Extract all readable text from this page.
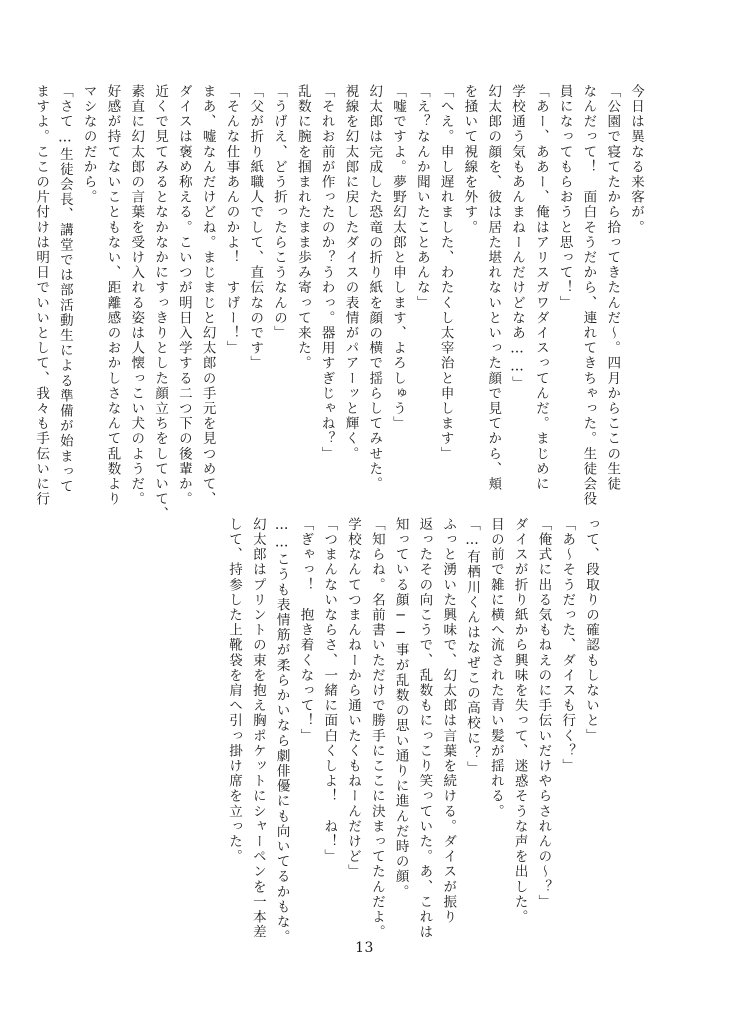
今日は異なる来客が。
「公園で寝てたから拾ってきたんだ〜。四月からここの生徒
なんだって！　面白そうだから、連れてきちゃった。生徒会役
員になってもらおうと思って！」
「あー、ああー、俺はアリスガワダイスってんだ。まじめに
学校通う気もあんまねーんだけどなあ……」
幻太郎の顔を、彼は居た堪れないといった顔で見てから、頬
を掻いて視線を外す。
「へえ。申し遅れました、わたくし太宰治と申します」
「え？なんか聞いたことあんな」
「嘘ですよ。夢野幻太郎と申します、よろしゅう」
幻太郎は完成した恐竜の折り紙を顔の横で揺らしてみせた。
視線を幻太郎に戻したダイスの表情がパアーッと輝く。
「それお前が作ったのか？うわっ。器用すぎじゃね？」
乱数に腕を掴まれたまま歩み寄って来た。
「うげえ、どう折ったらこうなんの」
「父が折り紙職人でして、直伝なのです」
「そんな仕事あんのかよ！　すげー！」
まあ、嘘なんだけどね。まじまじと幻太郎の手元を見つめて、
ダイスは褒め称える。こいつが明日入学する二つ下の後輩か。
近くで見てみるとなかなかにすっきりとした顔立ちをしていて、
素直に幻太郎の言葉を受け入れる姿は人懐っこい犬のようだ。
好感が持てないこともない、距離感のおかしさなんて乱数より
マシなのだから。
「さて…生徒会長、講堂では部活動生による準備が始まって
ますよ。ここの片付けは明日でいいとして、我々も手伝いに行
って、段取りの確認もしないと」
「あ〜そうだった、ダイスも行く？」
「俺式に出る気もねえのに手伝いだけやらされんの〜？」
ダイスが折り紙から興味を失って、迷惑そうな声を出した。
目の前で雑に横へ流された青い髪が揺れる。
「…有栖川くんはなぜこの高校に？」
ふっと湧いた興味で、幻太郎は言葉を続ける。ダイスが振り
返ったその向こうで、乱数もにっこり笑っていた。あ、これは
知っている顔──事が乱数の思い通りに進んだ時の顔。
「知らね。名前書いただけで勝手にここに決まってたんだよ。
学校なんてつまんねーから通いたくもねーんだけど」
「つまんないならさ、一緒に面白くしよ！　ね！」
「ぎゃっ！　抱き着くなって！」
……こうも表情筋が柔らかいなら劇俳優にも向いてるかもな。
幻太郎はプリントの束を抱え胸ポケットにシャーペンを一本差
して、持参した上靴袋を肩へ引っ掛け席を立った。
13
